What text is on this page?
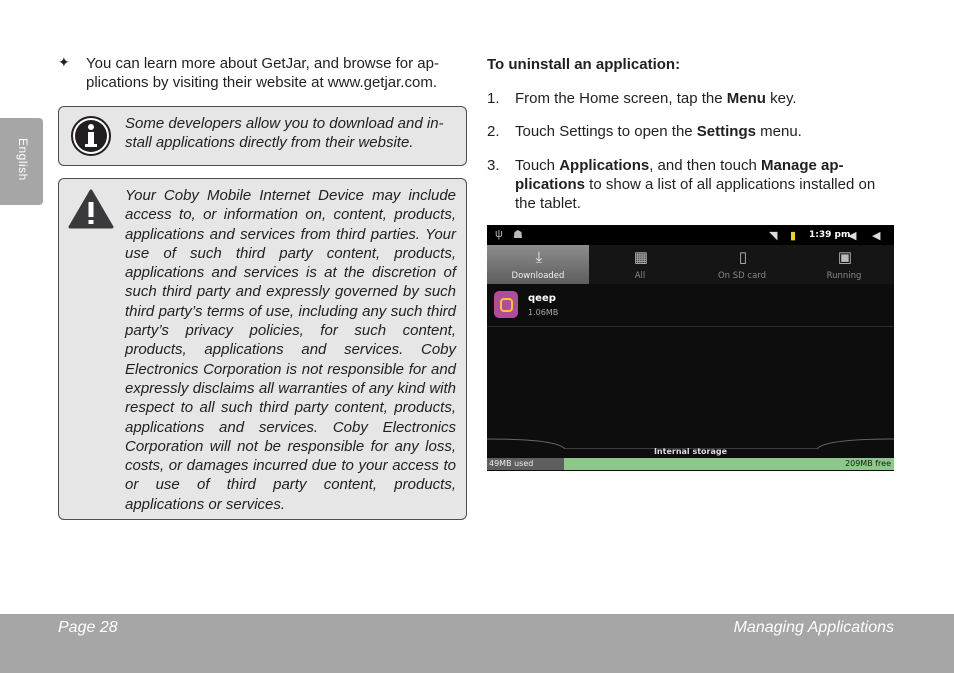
English
✦ You can learn more about GetJar, and browse for ap-plications by visiting their website at www.getjar.com.
Some developers allow you to download and in-stall applications directly from their website.
Your Coby Mobile Internet Device may include access to, or information on, content, products, applications and services from third parties. Your use of such third party content, products, applications and services is at the discretion of such third party and expressly governed by such third party’s terms of use, including any such third party’s privacy policies, for such content, products, applications and services. Coby Electronics Corporation is not responsible for and expressly disclaims all warranties of any kind with respect to all such third party content, products, applications and services. Coby Electronics Corporation will not be responsible for any loss, costs, or damages incurred due to your access to or use of third party content, products, applications or services.
To uninstall an application:
1. From the Home screen, tap the Menu key.
2. Touch Settings to open the Settings menu.
3. Touch Applications, and then touch Manage ap-plications to show a list of all applications installed on the tablet.
ψ ☗	◥ ▮ 1:39 pm
◀ ◀
⤓
Downloaded
▦
All
▯
On SD card
▣
Running
qeep
1.06MB
Internal storage
49MB used	209MB free
Page 28	Managing Applications
